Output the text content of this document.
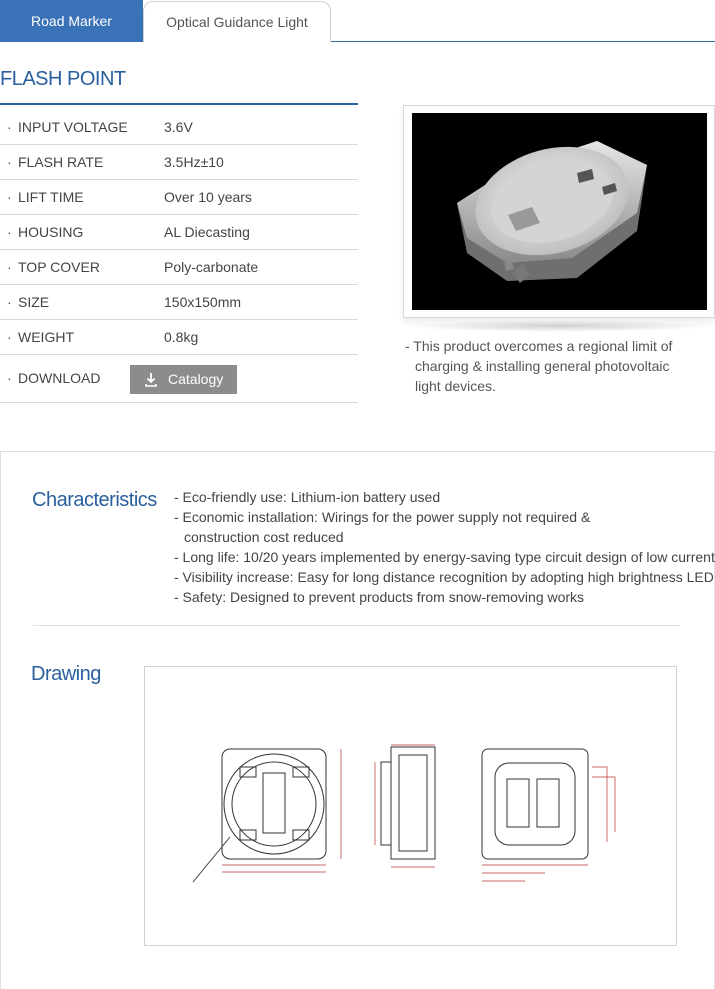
Road Marker	Optical Guidance Light
FLASH POINT
· INPUT VOLTAGE	3.6V
· FLASH RATE	3.5Hz±10
· LIFT TIME	Over 10 years
· HOUSING	AL Diecasting
· TOP COVER	Poly-carbonate
· SIZE	150x150mm
· WEIGHT	0.8kg
· DOWNLOAD	Catalogy
- This product overcomes a regional limit of
charging & installing general photovoltaic
light devices.
Characteristics - Eco-friendly use: Lithium-ion battery used
- Economic installation: Wirings for the power supply not required &
construction cost reduced
- Long life: 10/20 years implemented by energy-saving type circuit design of low current
- Visibility increase: Easy for long distance recognition by adopting high brightness LED
- Safety: Designed to prevent products from snow-removing works
Drawing
